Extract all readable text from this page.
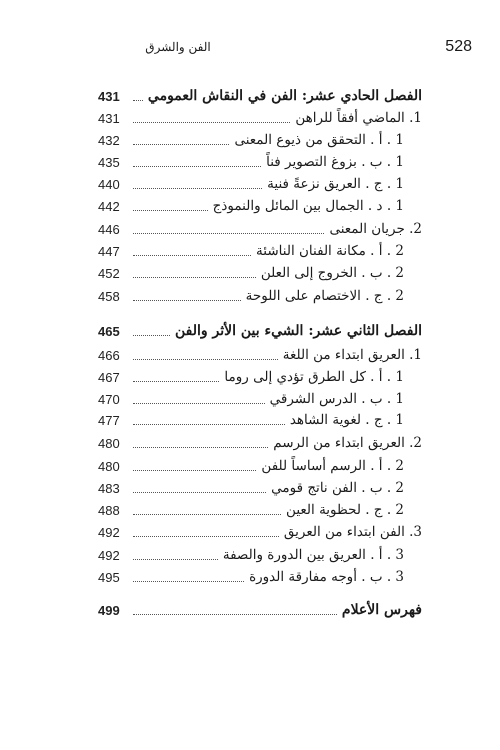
الفن والشرق	528
431	الفصل الحادي عشر: الفن في النقاش العمومي
431	1. الماضي أفقاً للراهن
432	1 . أ . التحقق من ذيوع المعنى
435	1 . ب . بزوغ التصوير فناً
440	1 . ج . العريق نزعةً فنية
442	1 . د . الجمال بين المائل والنموذج
446	2. جريان المعنى
447	2 . أ . مكانة الفنان الناشئة
452	2 . ب . الخروج إلى العلن
458	2 . ج . الاختصام على اللوحة
465	الفصل الثاني عشر: الشيء بين الأثر والفن
466	1. العريق ابتداء من اللغة
467	1 . أ . كل الطرق تؤدي إلى روما
470	1 . ب . الدرس الشرقي
477	1 . ج . لغوية الشاهد
480	2. العريق ابتداء من الرسم
480	2 . أ . الرسم أساساً للفن
483	2 . ب . الفن ناتج قومي
488	2 . ج . لحظوية العين
492	3. الفن ابتداء من العريق
492	3 . أ . العريق بين الدورة والصفة
495	3 . ب . أوجه مفارقة الدورة
499	فهرس الأعلام
